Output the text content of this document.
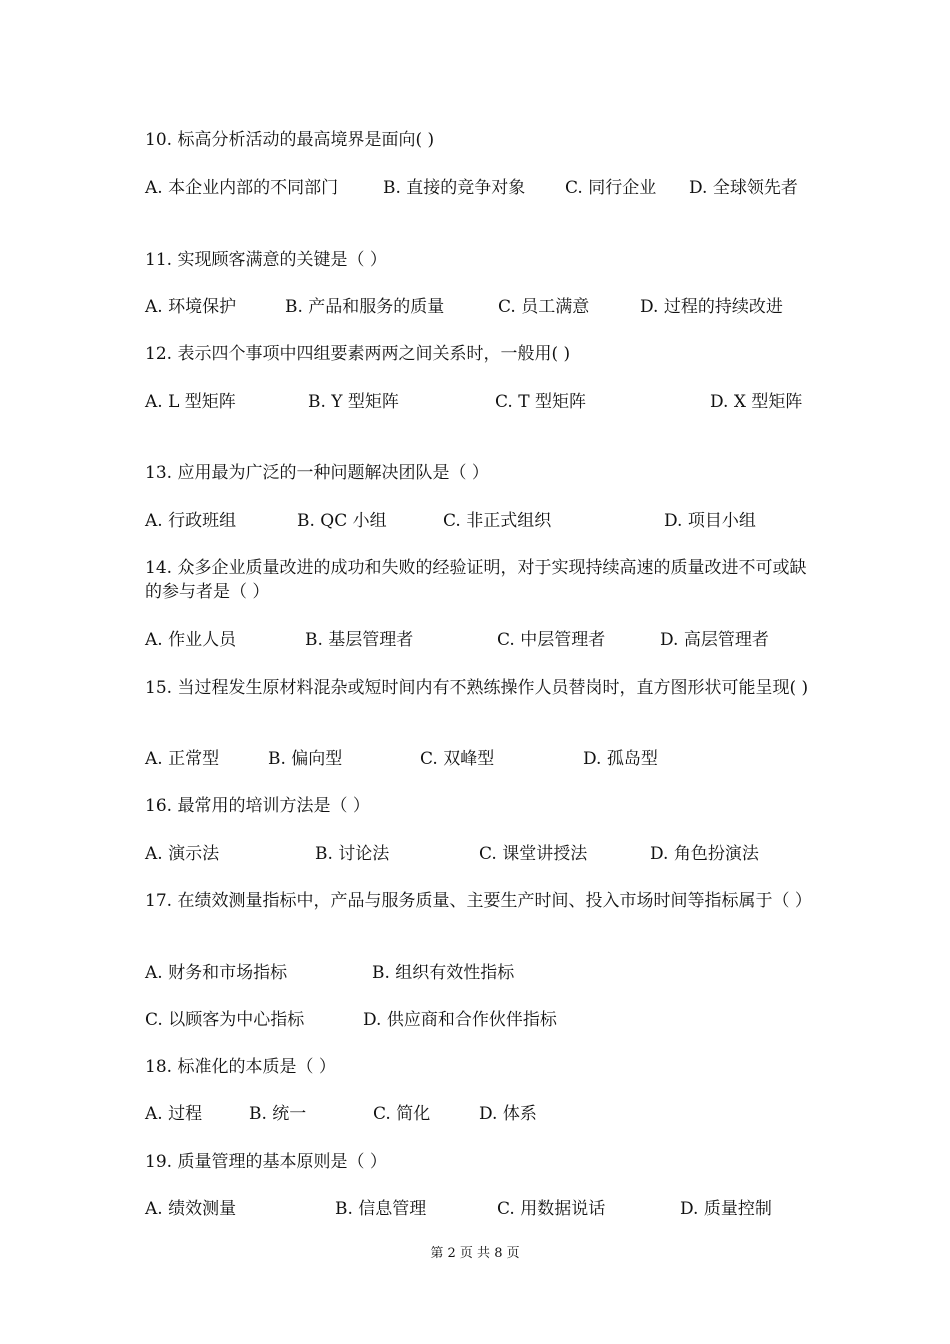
10. 标高分析活动的最高境界是面向( )
A. 本企业内部的不同部门	B. 直接的竞争对象 C. 同行企业	D. 全球领先者
11. 实现顾客满意的关键是（ ）
A. 环境保护	B. 产品和服务的质量	C. 员工满意	D. 过程的持续改进
12. 表示四个事项中四组要素两两之间关系时，一般用( )
A. L 型矩阵	B. Y 型矩阵	C. T 型矩阵	D. X 型矩阵
13. 应用最为广泛的一种问题解决团队是（ ）
A. 行政班组	B. QC 小组	C. 非正式组织	D. 项目小组
14. 众多企业质量改进的成功和失败的经验证明，对于实现持续高速的质量改进不可或缺的参与者是（ ）
A. 作业人员	B. 基层管理者	C. 中层管理者	D. 高层管理者
15. 当过程发生原材料混杂或短时间内有不熟练操作人员替岗时，直方图形状可能呈现( )
A. 正常型	B. 偏向型	C. 双峰型	D. 孤岛型
16. 最常用的培训方法是（ ）
A. 演示法	B. 讨论法	C. 课堂讲授法	D. 角色扮演法
17. 在绩效测量指标中，产品与服务质量、主要生产时间、投入市场时间等指标属于（ ）
A. 财务和市场指标	B. 组织有效性指标
C. 以顾客为中心指标	D. 供应商和合作伙伴指标
18. 标准化的本质是（ ）
A. 过程	B. 统一	C. 简化	D. 体系
19. 质量管理的基本原则是（ ）
A. 绩效测量	B. 信息管理	C. 用数据说话	D. 质量控制
第 2 页 共 8 页
